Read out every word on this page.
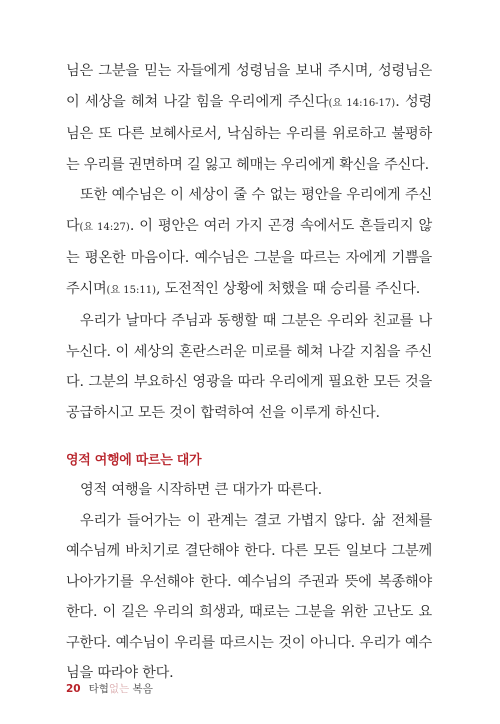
님은 그분을 믿는 자들에게 성령님을 보내 주시며, 성령님은 이 세상을 헤쳐 나갈 힘을 우리에게 주신다(요 14:16-17). 성령님은 또 다른 보혜사로서, 낙심하는 우리를 위로하고 불평하는 우리를 권면하며 길 잃고 헤매는 우리에게 확신을 주신다.

또한 예수님은 이 세상이 줄 수 없는 평안을 우리에게 주신다(요 14:27). 이 평안은 여러 가지 곤경 속에서도 흔들리지 않는 평온한 마음이다. 예수님은 그분을 따르는 자에게 기쁨을 주시며(요 15:11), 도전적인 상황에 처했을 때 승리를 주신다.

우리가 날마다 주님과 동행할 때 그분은 우리와 친교를 나누신다. 이 세상의 혼란스러운 미로를 헤쳐 나갈 지침을 주신다. 그분의 부요하신 영광을 따라 우리에게 필요한 모든 것을 공급하시고 모든 것이 합력하여 선을 이루게 하신다.

영적 여행에 따르는 대가

영적 여행을 시작하면 큰 대가가 따른다.

우리가 들어가는 이 관계는 결코 가볍지 않다. 삶 전체를 예수님께 바치기로 결단해야 한다. 다른 모든 일보다 그분께 나아가기를 우선해야 한다. 예수님의 주권과 뜻에 복종해야 한다. 이 길은 우리의 희생과, 때로는 그분을 위한 고난도 요구한다. 예수님이 우리를 따르시는 것이 아니다. 우리가 예수님을 따라야 한다.

20 타협없는 복음
